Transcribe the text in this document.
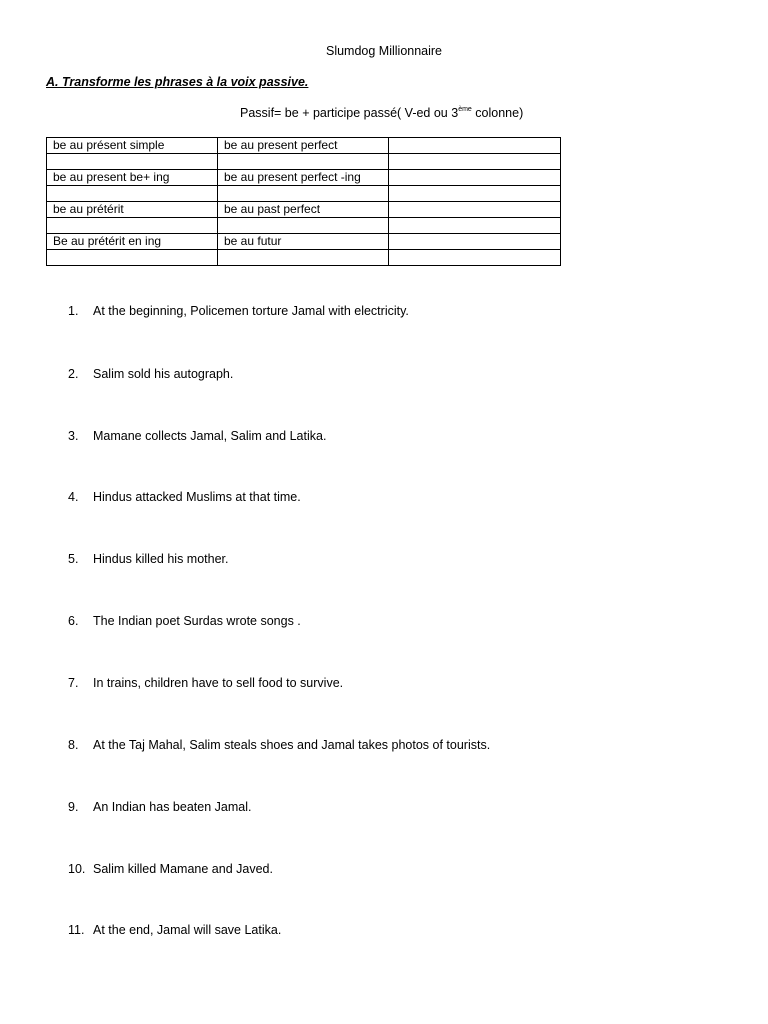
Slumdog Millionnaire
A. Transforme les phrases à la voix passive.
Passif= be + participe passé( V-ed ou 3ème colonne)
be au présent simple	be au present perfect	

be au present be+ ing	be au present perfect -ing	

be au prétérit	be au past perfect	

Be au prétérit en ing	be au futur	

1. At the beginning, Policemen torture Jamal with electricity.
2. Salim sold his autograph.
3. Mamane collects Jamal, Salim and Latika.
4. Hindus attacked Muslims at that time.
5. Hindus killed his mother.
6. The Indian poet Surdas wrote songs .
7. In trains, children have to sell food to survive.
8. At the Taj Mahal, Salim steals shoes and Jamal takes photos of tourists.
9. An Indian has beaten Jamal.
10. Salim killed Mamane and Javed.
11. At the end, Jamal will save Latika.
